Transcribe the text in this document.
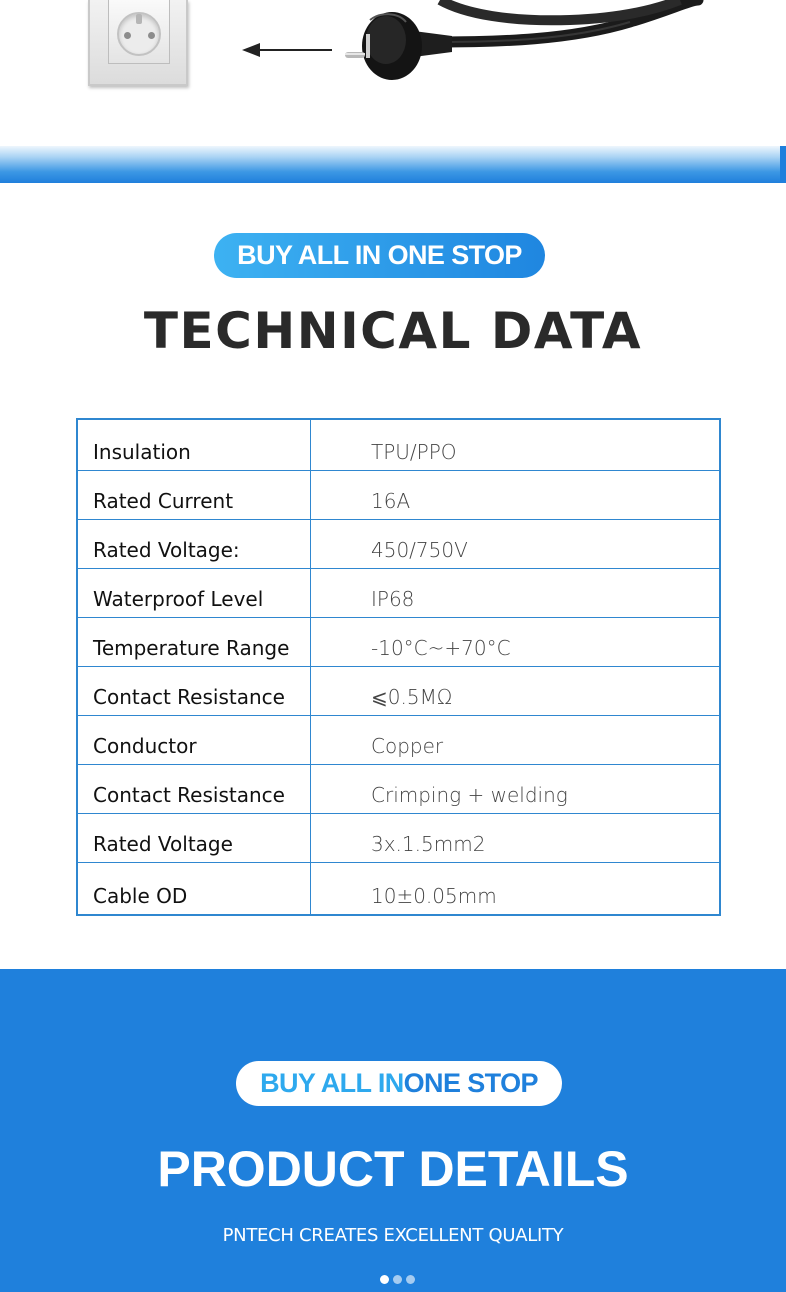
BUY ALL IN ONE STOP
TECHNICAL DATA
Insulation	TPU/PPO
Rated Current	16A
Rated Voltage:	450/750V
Waterproof Level	IP68
Temperature Range	-10°C~+70°C
Contact Resistance	⩽0.5MΩ
Conductor	Copper
Contact Resistance	Crimping + welding
Rated Voltage	3x.1.5mm2
Cable OD	10±0.05mm
BUY ALL IN ONE STOP
PRODUCT DETAILS
PNTECH CREATES EXCELLENT QUALITY
